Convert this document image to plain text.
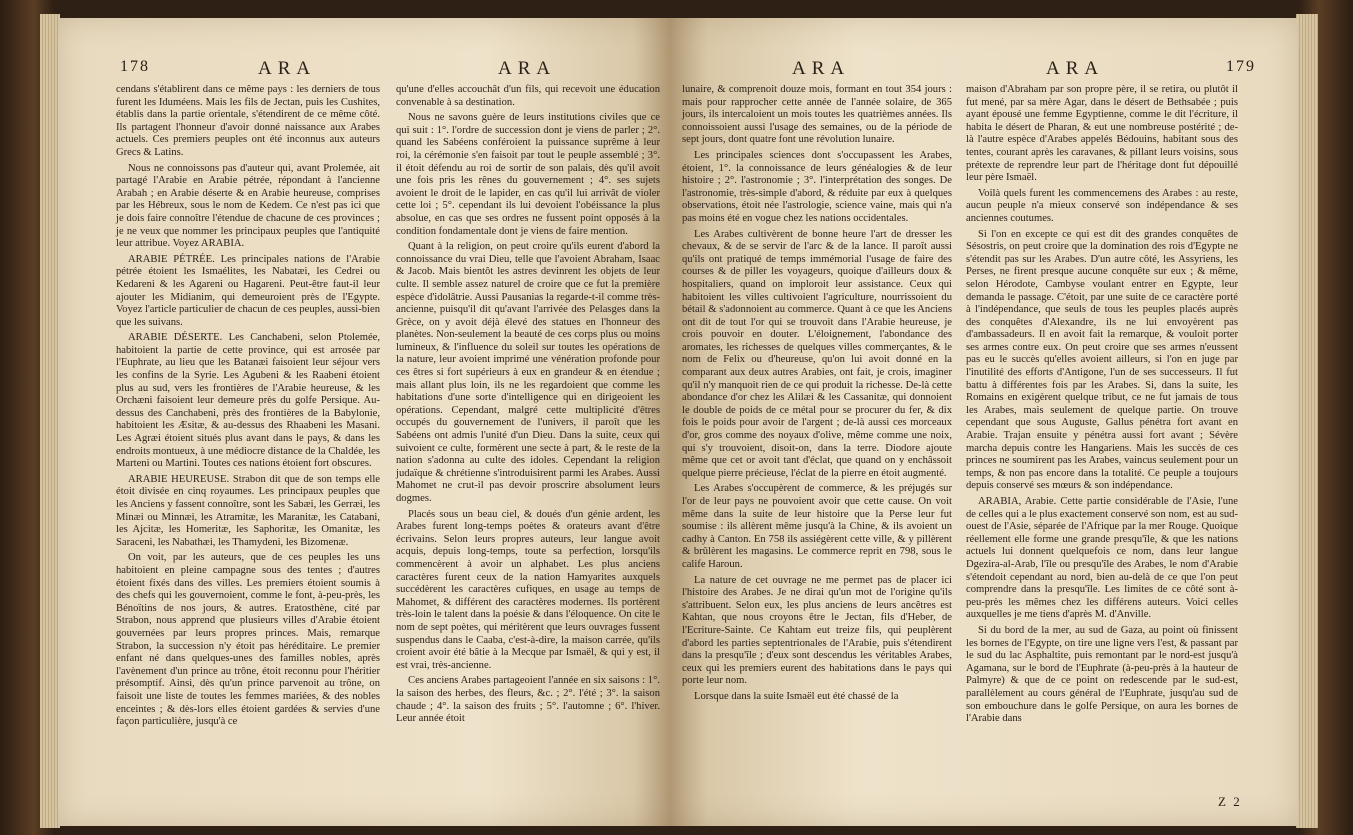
178	ARA	ARA

cendans s'établirent dans ce même pays : les derniers de tous furent les Iduméens. Mais les fils de Jectan, puis les Cushites, établis dans la partie orientale, s'étendirent de ce même côté. Ils partagent l'honneur d'avoir donné naissance aux Arabes actuels. Ces premiers peuples ont été inconnus aux auteurs Grecs & Latins.

Nous ne connoissons pas d'auteur qui, avant Prolemée, ait partagé l'Arabie en Arabie pétrée, répondant à l'ancienne Arabah ; en Arabie déserte & en Arabie heureuse, comprises par les Hébreux, sous le nom de Kedem. Ce n'est pas ici que je dois faire connoître l'étendue de chacune de ces provinces ; je ne veux que nommer les principaux peuples que l'antiquité leur attribue. Voyez ARABIA.

ARABIE PÉTRÉE. Les principales nations de l'Arabie pétrée étoient les Ismaélites, les Nabatæi, les Cedrei ou Kedareni & les Agareni ou Hagareni. Peut-être faut-il leur ajouter les Midianim, qui demeuroient près de l'Egypte. Voyez l'article particulier de chacun de ces peuples, aussi-bien que les suivans.

ARABIE DÉSERTE. Les Canchabeni, selon Ptolemée, habitoient la partie de cette province, qui est arrosée par l'Euphrate, au lieu que les Batanæi faisoient leur séjour vers les confins de la Syrie. Les Agubeni & les Raabeni étoient plus au sud, vers les frontières de l'Arabie heureuse, & les Orchæni faisoient leur demeure près du golfe Persique. Au-dessus des Canchabeni, près des frontières de la Babylonie, habitoient les Æsitæ, & au-dessus des Rhaabeni les Masani. Les Agræi étoient situés plus avant dans le pays, & dans les endroits montueux, à une médiocre distance de la Chaldée, les Marteni ou Martini. Toutes ces nations étoient fort obscures.

ARABIE HEUREUSE. Strabon dit que de son temps elle étoit divisée en cinq royaumes. Les principaux peuples que les Anciens y fassent connoître, sont les Sabæi, les Gerræi, les Minæi ou Minnæi, les Atramitæ, les Maranitæ, les Catabani, les Ajcitæ, les Homeritæ, les Saphoritæ, les Omanitæ, les Saraceni, les Nabathæi, les Thamydeni, les Bizomenæ.

On voit, par les auteurs, que de ces peuples les uns habitoient en pleine campagne sous des tentes ; d'autres étoient fixés dans des villes. Les premiers étoient soumis à des chefs qui les gouvernoient, comme le font, à-peu-près, les Bénoïtins de nos jours, & autres. Eratosthène, cité par Strabon, nous apprend que plusieurs villes d'Arabie étoient gouvernées par leurs propres princes. Mais, remarque Strabon, la succession n'y étoit pas héréditaire. Le premier enfant né dans quelques-unes des familles nobles, après l'avènement d'un prince au trône, étoit reconnu pour l'héritier présomptif. Ainsi, dès qu'un prince parvenoit au trône, on faisoit une liste de toutes les femmes mariées, & des nobles enceintes ; & dès-lors elles étoient gardées & servies d'une façon particulière, jusqu'à ce

qu'une d'elles accouchât d'un fils, qui recevoit une éducation convenable à sa destination.

Nous ne savons guère de leurs institutions civiles que ce qui suit : 1°. l'ordre de succession dont je viens de parler ; 2°. quand les Sabéens conféroient la puissance suprême à leur roi, la cérémonie s'en faisoit par tout le peuple assemblé ; 3°. il étoit défendu au roi de sortir de son palais, dès qu'il avoit une fois pris les rênes du gouvernement ; 4°. ses sujets avoient le droit de le lapider, en cas qu'il lui arrivât de violer cette loi ; 5°. cependant ils lui devoient l'obéissance la plus absolue, en cas que ses ordres ne fussent point opposés à la condition fondamentale dont je viens de faire mention.

Quant à la religion, on peut croire qu'ils eurent d'abord la connoissance du vrai Dieu, telle que l'avoient Abraham, Isaac & Jacob. Mais bientôt les astres devinrent les objets de leur culte. Il semble assez naturel de croire que ce fut la première espèce d'idolâtrie. Aussi Pausanias la regarde-t-il comme très-ancienne, puisqu'il dit qu'avant l'arrivée des Pelasges dans la Grèce, on y avoit déjà élevé des statues en l'honneur des planètes. Non-seulement la beauté de ces corps plus ou moins lumineux, & l'influence du soleil sur toutes les opérations de la nature, leur avoient imprimé une vénération profonde pour ces êtres si fort supérieurs à eux en grandeur & en étendue ; mais allant plus loin, ils ne les regardoient que comme les habitations d'une sorte d'intelligence qui en dirigeoient les opérations. Cependant, malgré cette multiplicité d'êtres occupés du gouvernement de l'univers, il paroît que les Sabéens ont admis l'unité d'un Dieu. Dans la suite, ceux qui suivoient ce culte, formèrent une secte à part, & le reste de la nation s'adonna au culte des idoles. Cependant la religion judaïque & chrétienne s'introduisirent parmi les Arabes. Aussi Mahomet ne crut-il pas devoir proscrire absolument leurs dogmes.

Placés sous un beau ciel, & doués d'un génie ardent, les Arabes furent long-temps poètes & orateurs avant d'être écrivains. Selon leurs propres auteurs, leur langue avoit acquis, depuis long-temps, toute sa perfection, lorsqu'ils commencèrent à avoir un alphabet. Les plus anciens caractères furent ceux de la nation Hamyarites auxquels succédèrent les caractères cufiques, en usage au temps de Mahomet, & différent des caractères modernes. Ils portèrent très-loin le talent dans la poésie & dans l'éloquence. On cite le nom de sept poètes, qui méritèrent que leurs ouvrages fussent suspendus dans le Caaba, c'est-à-dire, la maison carrée, qu'ils croient avoir été bâtie à la Mecque par Ismaël, & qui y est, il est vrai, très-ancienne.

Ces anciens Arabes partageoient l'année en six saisons : 1°. la saison des herbes, des fleurs, &c. ; 2°. l'été ; 3°. la saison chaude ; 4°. la saison des fruits ; 5°. l'automne ; 6°. l'hiver. Leur année étoit

ARA	ARA	179

lunaire, & comprenoit douze mois, formant en tout 354 jours : mais pour rapprocher cette année de l'année solaire, de 365 jours, ils intercaloient un mois toutes les quatrièmes années. Ils connoissoient aussi l'usage des semaines, ou de la période de sept jours, dont quatre font une révolution lunaire.

Les principales sciences dont s'occupassent les Arabes, étoient, 1°. la connoissance de leurs généalogies & de leur histoire ; 2°. l'astronomie ; 3°. l'interprétation des songes. De l'astronomie, très-simple d'abord, & réduite par eux à quelques observations, étoit née l'astrologie, science vaine, mais qui n'a pas moins été en vogue chez les nations occidentales.

Les Arabes cultivèrent de bonne heure l'art de dresser les chevaux, & de se servir de l'arc & de la lance. Il paroît aussi qu'ils ont pratiqué de temps immémorial l'usage de faire des courses & de piller les voyageurs, quoique d'ailleurs doux & hospitaliers, quand on imploroit leur assistance. Ceux qui habitoient les villes cultivoient l'agriculture, nourrissoient du bétail & s'adonnoient au commerce. Quant à ce que les Anciens ont dit de tout l'or qui se trouvoit dans l'Arabie heureuse, je crois pouvoir en douter. L'éloignement, l'abondance des aromates, les richesses de quelques villes commerçantes, & le nom de Felix ou d'heureuse, qu'on lui avoit donné en la comparant aux deux autres Arabies, ont fait, je crois, imaginer qu'il n'y manquoit rien de ce qui produit la richesse. De-là cette abondance d'or chez les Alilæi & les Cassanitæ, qui donnoient le double de poids de ce métal pour se procurer du fer, & dix fois le poids pour avoir de l'argent ; de-là aussi ces morceaux d'or, gros comme des noyaux d'olive, même comme une noix, qui s'y trouvoient, disoit-on, dans la terre. Diodore ajoute même que cet or avoit tant d'éclat, que quand on y enchâssoit quelque pierre précieuse, l'éclat de la pierre en étoit augmenté.

Les Arabes s'occupèrent de commerce, & les préjugés sur l'or de leur pays ne pouvoient avoir que cette cause. On voit même dans la suite de leur histoire que la Perse leur fut soumise : ils allèrent même jusqu'à la Chine, & ils avoient un cadhy à Canton. En 758 ils assiégèrent cette ville, & y pillèrent & brûlèrent les magasins. Le commerce reprit en 798, sous le calife Haroun.

La nature de cet ouvrage ne me permet pas de placer ici l'histoire des Arabes. Je ne dirai qu'un mot de l'origine qu'ils s'attribuent. Selon eux, les plus anciens de leurs ancêtres est Kahtan, que nous croyons être le Jectan, fils d'Heber, de l'Ecriture-Sainte. Ce Kahtam eut treize fils, qui peuplèrent d'abord les parties septentrionales de l'Arabie, puis s'étendirent dans la presqu'île ; d'eux sont descendus les véritables Arabes, ceux qui les premiers eurent des habitations dans le pays qui porte leur nom.

Lorsque dans la suite Ismaël eut été chassé de la

maison d'Abraham par son propre père, il se retira, ou plutôt il fut mené, par sa mère Agar, dans le désert de Bethsabée ; puis ayant épousé une femme Egyptienne, comme le dit l'écriture, il habita le désert de Pharan, & eut une nombreuse postérité ; de-là l'autre espèce d'Arabes appelés Bédouins, habitant sous des tentes, courant après les caravanes, & pillant leurs voisins, sous prétexte de reprendre leur part de l'héritage dont fut dépouillé leur père Ismaël.

Voilà quels furent les commencemens des Arabes : au reste, aucun peuple n'a mieux conservé son indépendance & ses anciennes coutumes.

Si l'on en excepte ce qui est dit des grandes conquêtes de Sésostris, on peut croire que la domination des rois d'Egypte ne s'étendit pas sur les Arabes. D'un autre côté, les Assyriens, les Perses, ne firent presque aucune conquête sur eux ; & même, selon Hérodote, Cambyse voulant entrer en Egypte, leur demanda le passage. C'étoit, par une suite de ce caractère porté à l'indépendance, que seuls de tous les peuples placés auprès des conquêtes d'Alexandre, ils ne lui envoyèrent pas d'ambassadeurs. Il en avoit fait la remarque, & vouloit porter ses armes contre eux. On peut croire que ses armes n'eussent pas eu le succès qu'elles avoient ailleurs, si l'on en juge par l'inutilité des efforts d'Antigone, l'un de ses successeurs. Il fut battu à différentes fois par les Arabes. Si, dans la suite, les Romains en exigèrent quelque tribut, ce ne fut jamais de tous les Arabes, mais seulement de quelque partie. On trouve cependant que sous Auguste, Gallus pénétra fort avant en Arabie. Trajan ensuite y pénétra aussi fort avant ; Sévère marcha depuis contre les Hangariens. Mais les succès de ces princes ne soumirent pas les Arabes, vaincus seulement pour un temps, & non pas encore dans la totalité. Ce peuple a toujours depuis conservé ses mœurs & son indépendance.

ARABIA, Arabie. Cette partie considérable de l'Asie, l'une de celles qui a le plus exactement conservé son nom, est au sud-ouest de l'Asie, séparée de l'Afrique par la mer Rouge. Quoique réellement elle forme une grande presqu'île, & que les nations actuels lui donnent quelquefois ce nom, dans leur langue Dgezira-al-Arab, l'île ou presqu'île des Arabes, le nom d'Arabie s'étendoit cependant au nord, bien au-delà de ce que l'on peut comprendre dans la presqu'île. Les limites de ce côté sont à-peu-près les mêmes chez les différens auteurs. Voici celles auxquelles je me tiens d'après M. d'Anville.

Si du bord de la mer, au sud de Gaza, au point où finissent les bornes de l'Egypte, on tire une ligne vers l'est, & passant par le sud du lac Asphaltite, puis remontant par le nord-est jusqu'à Agamana, sur le bord de l'Euphrate (à-peu-près à la hauteur de Palmyre) & que de ce point on redescende par le sud-est, parallèlement au cours général de l'Euphrate, jusqu'au sud de son embouchure dans le golfe Persique, on aura les bornes de l'Arabie dans

Z 2
